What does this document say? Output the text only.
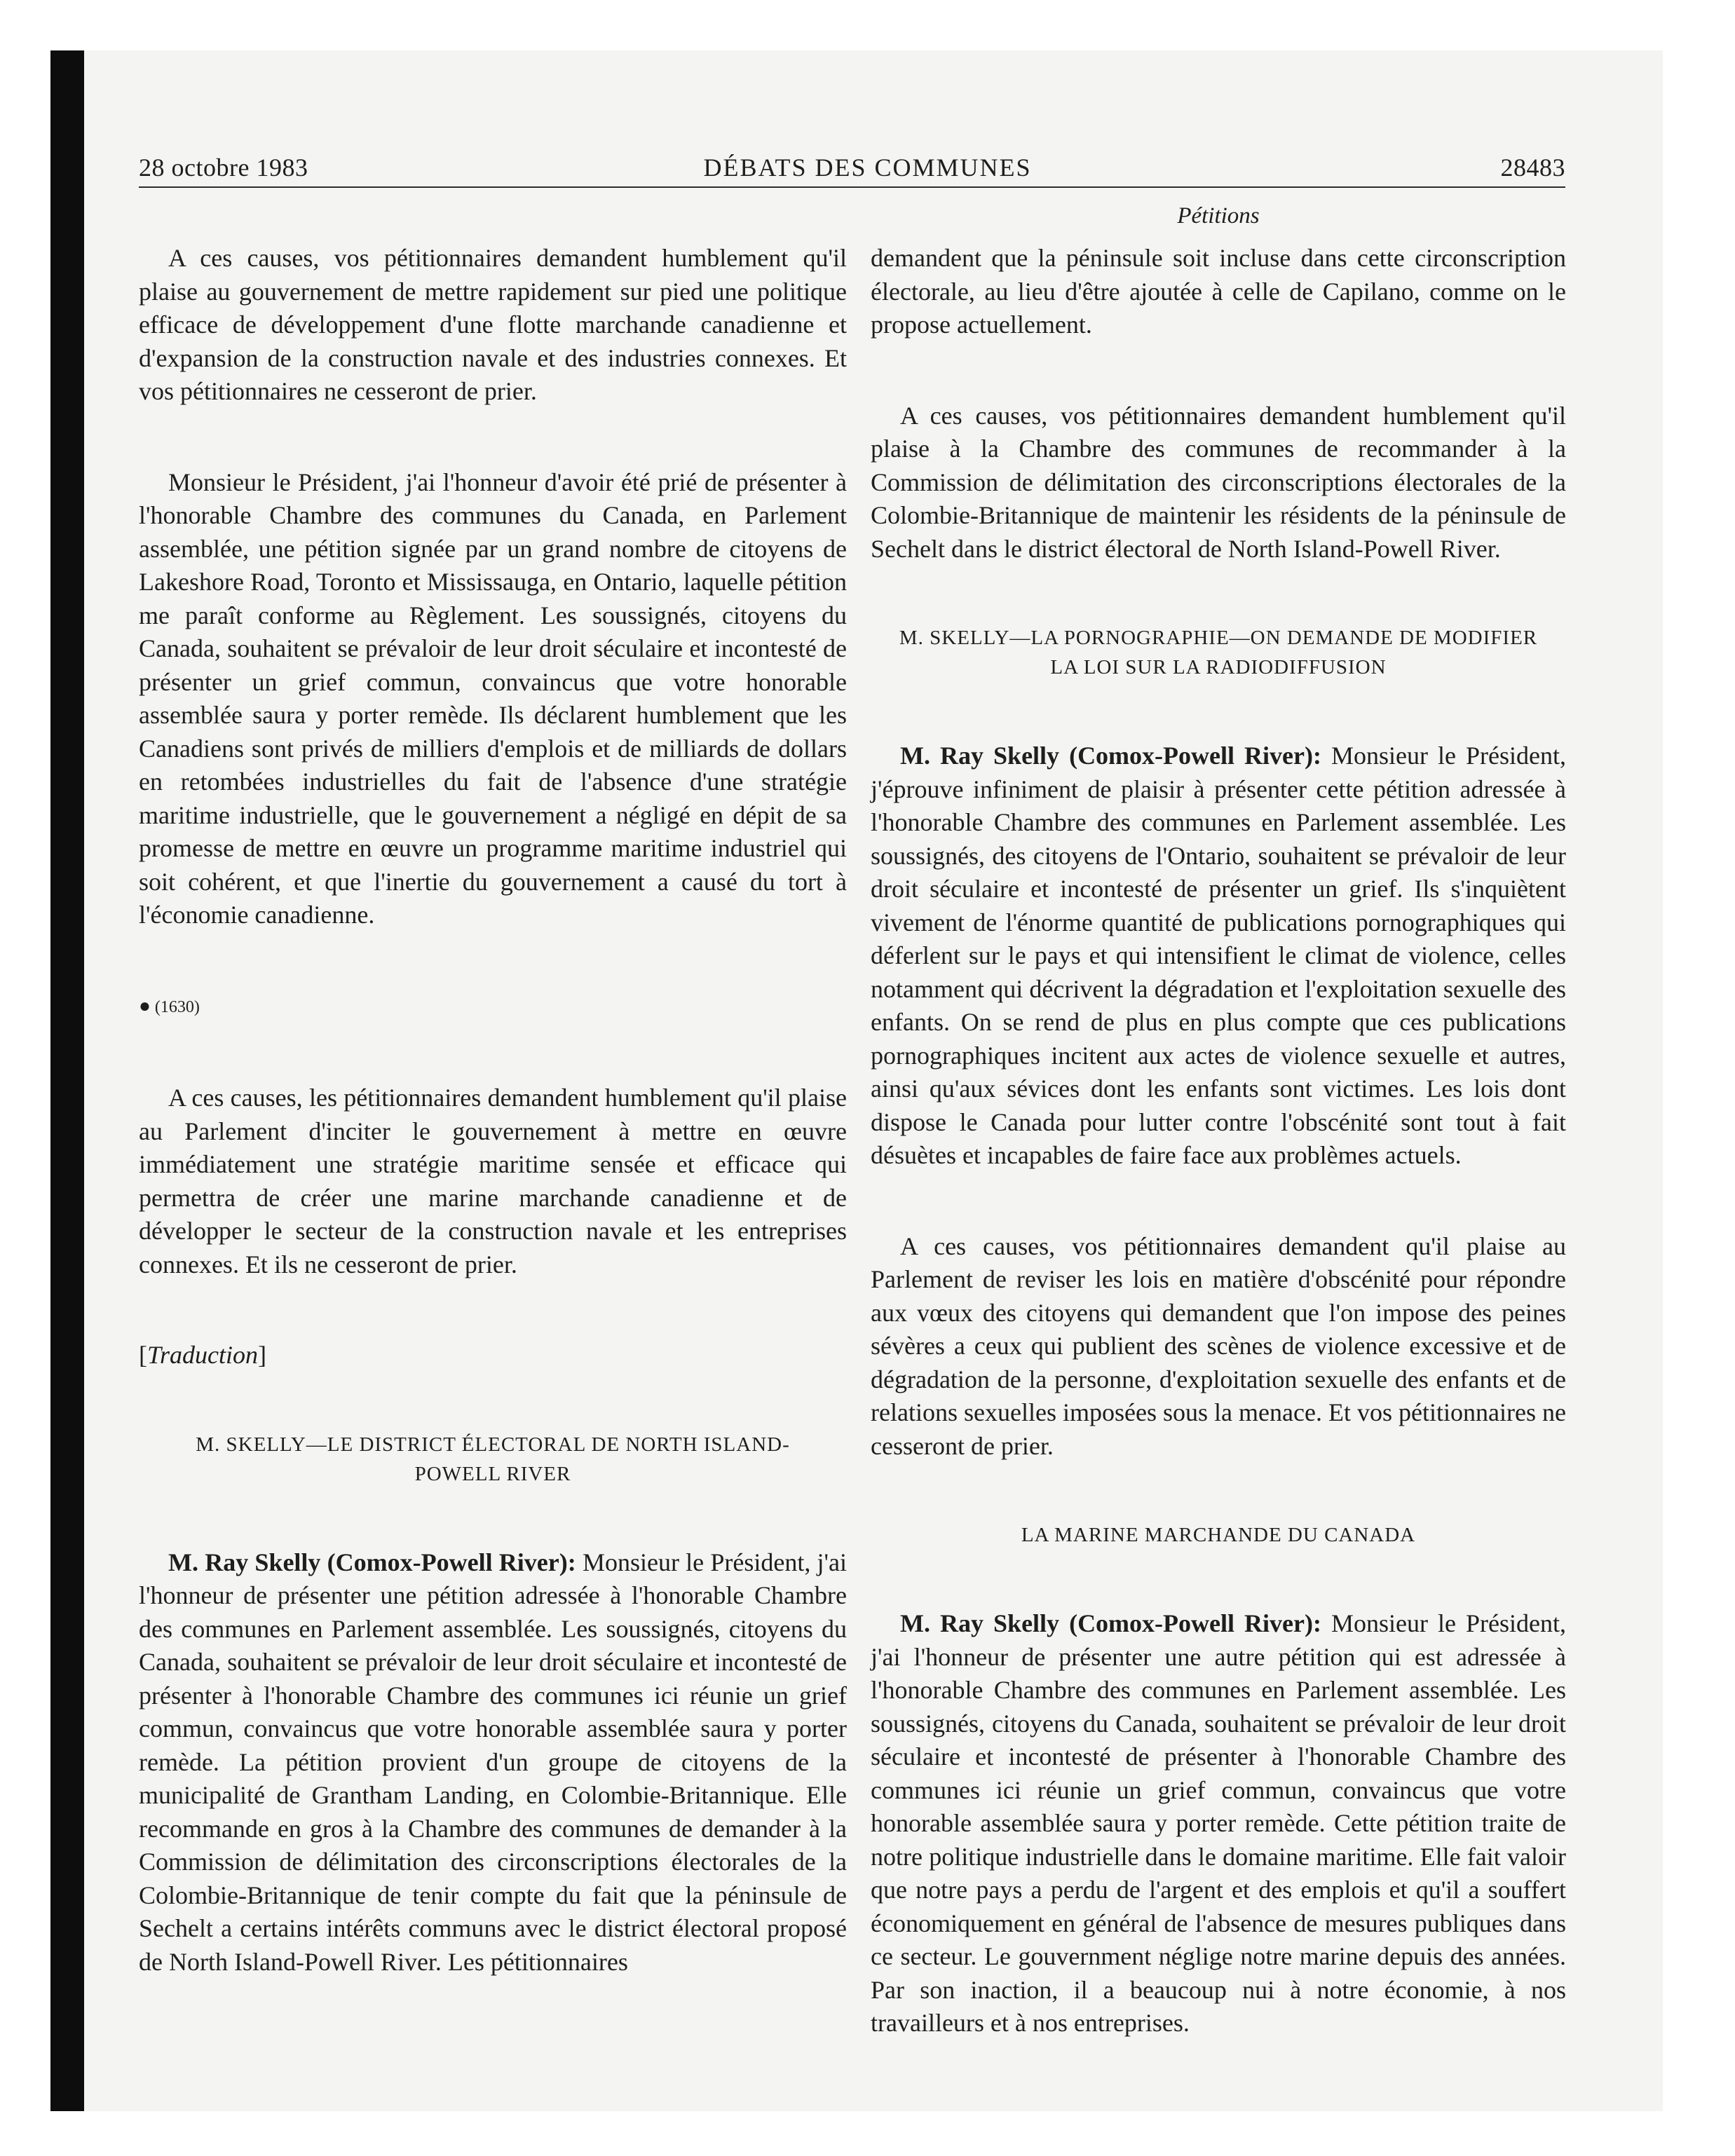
28 octobre 1983	DÉBATS DES COMMUNES	28483
Pétitions

A ces causes, vos pétitionnaires demandent humblement qu'il plaise au gouvernement de mettre rapidement sur pied une politique efficace de développement d'une flotte marchande canadienne et d'expansion de la construction navale et des industries connexes. Et vos pétitionnaires ne cesseront de prier.

Monsieur le Président, j'ai l'honneur d'avoir été prié de présenter à l'honorable Chambre des communes du Canada, en Parlement assemblée, une pétition signée par un grand nombre de citoyens de Lakeshore Road, Toronto et Mississauga, en Ontario, laquelle pétition me paraît conforme au Règlement. Les soussignés, citoyens du Canada, souhaitent se prévaloir de leur droit séculaire et incontesté de présenter un grief commun, convaincus que votre honorable assemblée saura y porter remède. Ils déclarent humblement que les Canadiens sont privés de milliers d'emplois et de milliards de dollars en retombées industrielles du fait de l'absence d'une stratégie maritime industrielle, que le gouvernement a négligé en dépit de sa promesse de mettre en œuvre un programme maritime industriel qui soit cohérent, et que l'inertie du gouvernement a causé du tort à l'économie canadienne.

● (1630)

A ces causes, les pétitionnaires demandent humblement qu'il plaise au Parlement d'inciter le gouvernement à mettre en œuvre immédiatement une stratégie maritime sensée et efficace qui permettra de créer une marine marchande canadienne et de développer le secteur de la construction navale et les entreprises connexes. Et ils ne cesseront de prier.

[Traduction]

M. SKELLY—LE DISTRICT ÉLECTORAL DE NORTH ISLAND-
POWELL RIVER

M. Ray Skelly (Comox-Powell River): Monsieur le Président, j'ai l'honneur de présenter une pétition adressée à l'honorable Chambre des communes en Parlement assemblée. Les soussignés, citoyens du Canada, souhaitent se prévaloir de leur droit séculaire et incontesté de présenter à l'honorable Chambre des communes ici réunie un grief commun, convaincus que votre honorable assemblée saura y porter remède. La pétition provient d'un groupe de citoyens de la municipalité de Grantham Landing, en Colombie-Britannique. Elle recommande en gros à la Chambre des communes de demander à la Commission de délimitation des circonscriptions électorales de la Colombie-Britannique de tenir compte du fait que la péninsule de Sechelt a certains intérêts communs avec le district électoral proposé de North Island-Powell River. Les pétitionnaires

demandent que la péninsule soit incluse dans cette circonscription électorale, au lieu d'être ajoutée à celle de Capilano, comme on le propose actuellement.

A ces causes, vos pétitionnaires demandent humblement qu'il plaise à la Chambre des communes de recommander à la Commission de délimitation des circonscriptions électorales de la Colombie-Britannique de maintenir les résidents de la péninsule de Sechelt dans le district électoral de North Island-Powell River.

M. SKELLY—LA PORNOGRAPHIE—ON DEMANDE DE MODIFIER
LA LOI SUR LA RADIODIFFUSION

M. Ray Skelly (Comox-Powell River): Monsieur le Président, j'éprouve infiniment de plaisir à présenter cette pétition adressée à l'honorable Chambre des communes en Parlement assemblée. Les soussignés, des citoyens de l'Ontario, souhaitent se prévaloir de leur droit séculaire et incontesté de présenter un grief. Ils s'inquiètent vivement de l'énorme quantité de publications pornographiques qui déferlent sur le pays et qui intensifient le climat de violence, celles notamment qui décrivent la dégradation et l'exploitation sexuelle des enfants. On se rend de plus en plus compte que ces publications pornographiques incitent aux actes de violence sexuelle et autres, ainsi qu'aux sévices dont les enfants sont victimes. Les lois dont dispose le Canada pour lutter contre l'obscénité sont tout à fait désuètes et incapables de faire face aux problèmes actuels.

A ces causes, vos pétitionnaires demandent qu'il plaise au Parlement de reviser les lois en matière d'obscénité pour répondre aux vœux des citoyens qui demandent que l'on impose des peines sévères a ceux qui publient des scènes de violence excessive et de dégradation de la personne, d'exploitation sexuelle des enfants et de relations sexuelles imposées sous la menace. Et vos pétitionnaires ne cesseront de prier.

LA MARINE MARCHANDE DU CANADA

M. Ray Skelly (Comox-Powell River): Monsieur le Président, j'ai l'honneur de présenter une autre pétition qui est adressée à l'honorable Chambre des communes en Parlement assemblée. Les soussignés, citoyens du Canada, souhaitent se prévaloir de leur droit séculaire et incontesté de présenter à l'honorable Chambre des communes ici réunie un grief commun, convaincus que votre honorable assemblée saura y porter remède. Cette pétition traite de notre politique industrielle dans le domaine maritime. Elle fait valoir que notre pays a perdu de l'argent et des emplois et qu'il a souffert économiquement en général de l'absence de mesures publiques dans ce secteur. Le gouvernment néglige notre marine depuis des années. Par son inaction, il a beaucoup nui à notre économie, à nos travailleurs et à nos entreprises.
